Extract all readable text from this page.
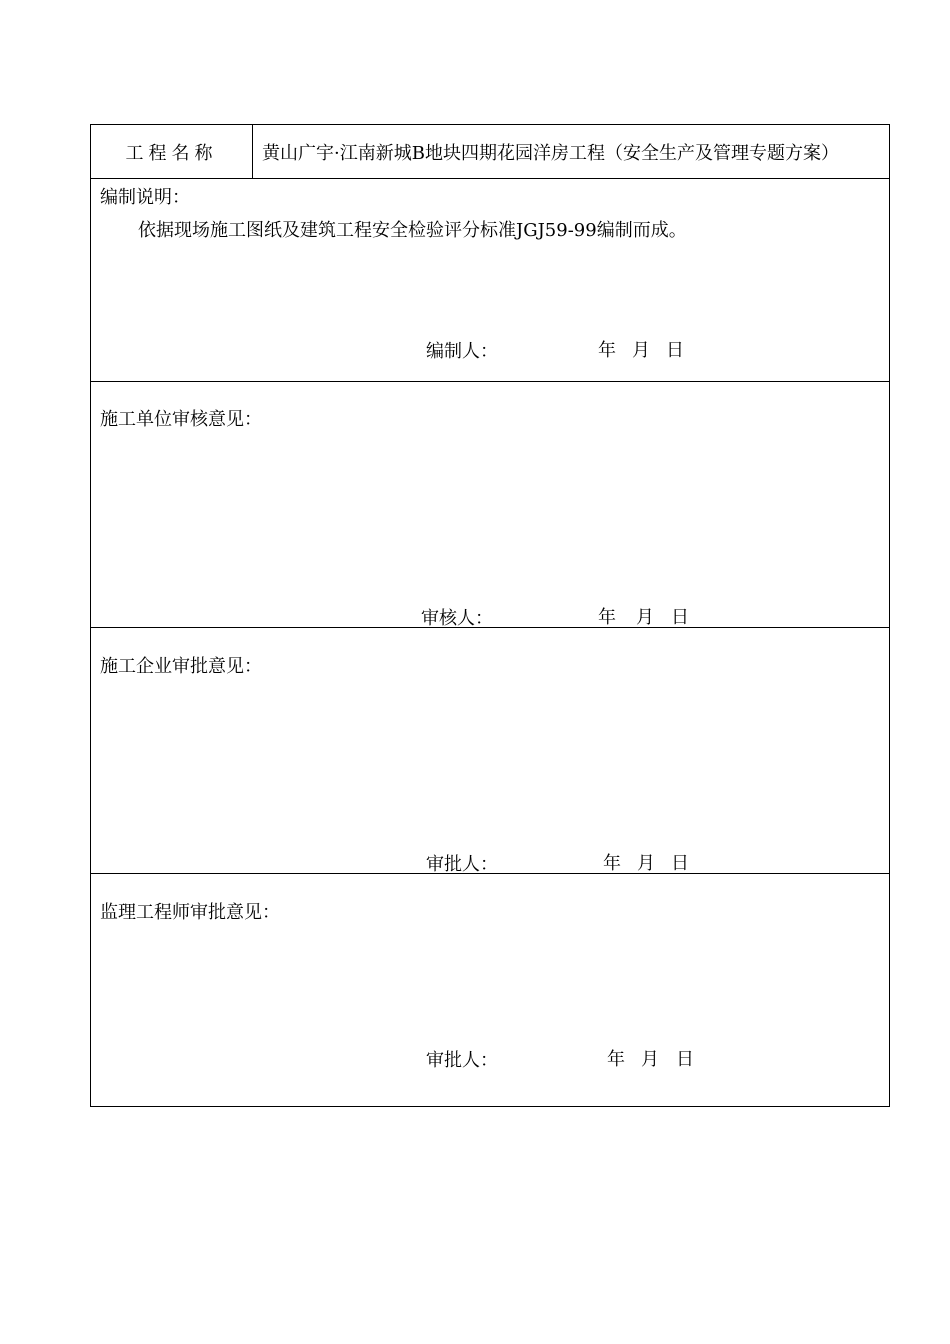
工程名称	黄山广宇·江南新城B地块四期花园洋房工程（安全生产及管理专题方案）
编制说明：
依据现场施工图纸及建筑工程安全检验评分标准JGJ59-99编制而成。
编制人：	年 月 日
施工单位审核意见：
审核人：	年 月 日
施工企业审批意见：
审批人：	年 月 日
监理工程师审批意见：
审批人：	年 月 日
